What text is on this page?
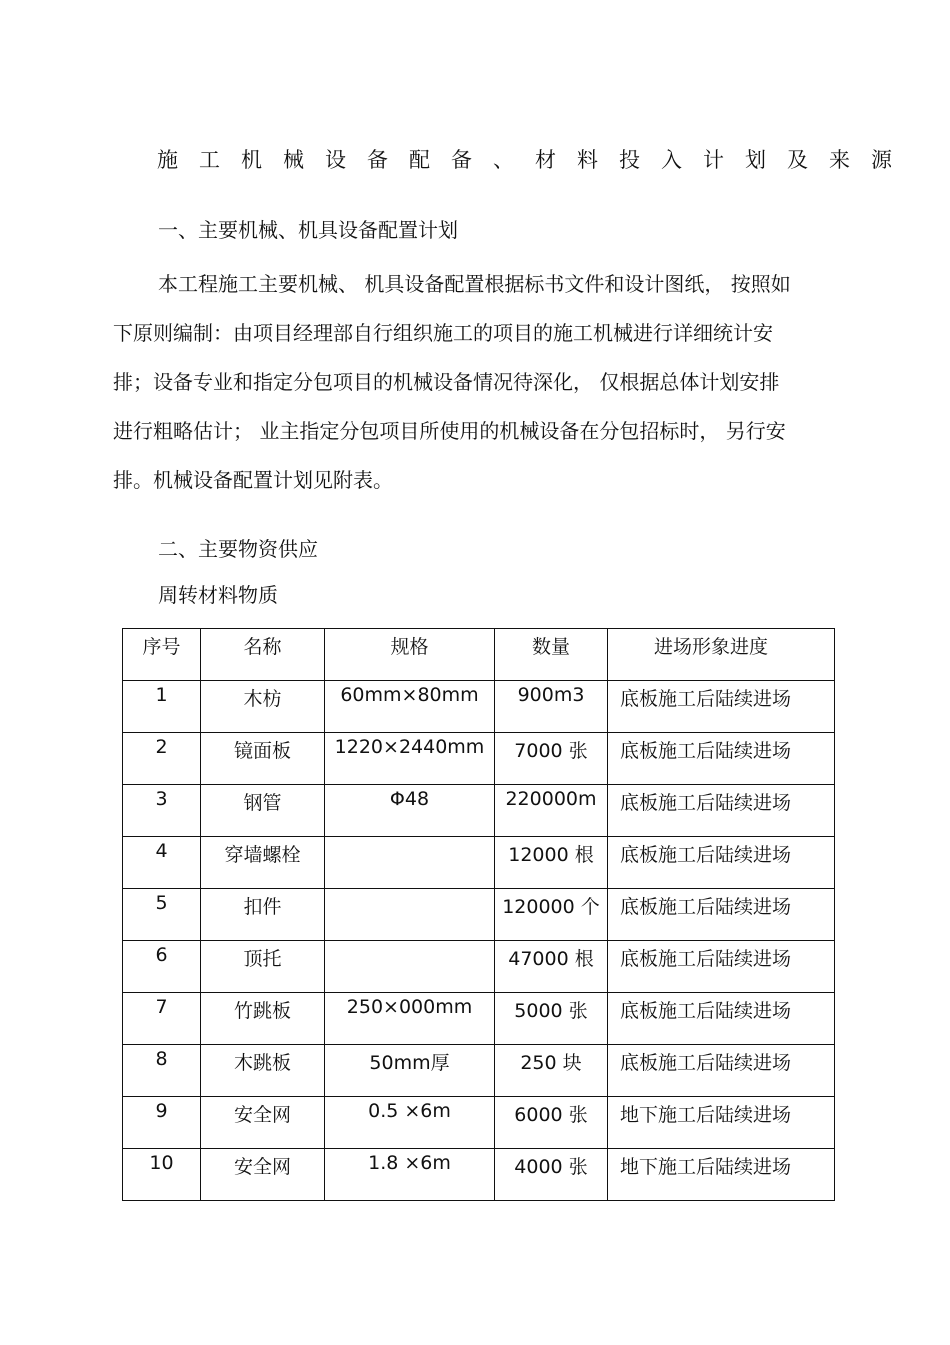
施工机械设备配备、材料投入计划及来源
一、主要机械、机具设备配置计划
本工程施工主要机械、 机具设备配置根据标书文件和设计图纸， 按照如
下原则编制：由项目经理部自行组织施工的项目的施工机械进行详细统计安
排；设备专业和指定分包项目的机械设备情况待深化， 仅根据总体计划安排
进行粗略估计； 业主指定分包项目所使用的机械设备在分包招标时， 另行安
排。机械设备配置计划见附表。
二、主要物资供应
周转材料物质
序号	名称	规格	数量	进场形象进度
1	木枋	60mm×80mm	900m3	底板施工后陆续进场
2	镜面板	1220×2440mm	7000 张	底板施工后陆续进场
3	钢管	Φ48	220000m	底板施工后陆续进场
4	穿墙螺栓		12000 根	底板施工后陆续进场
5	扣件		120000 个	底板施工后陆续进场
6	顶托		47000 根	底板施工后陆续进场
7	竹跳板	250×000mm	5000 张	底板施工后陆续进场
8	木跳板	50mm厚	250 块	底板施工后陆续进场
9	安全网	0.5 ×6m	6000 张	地下施工后陆续进场
10	安全网	1.8 ×6m	4000 张	地下施工后陆续进场
